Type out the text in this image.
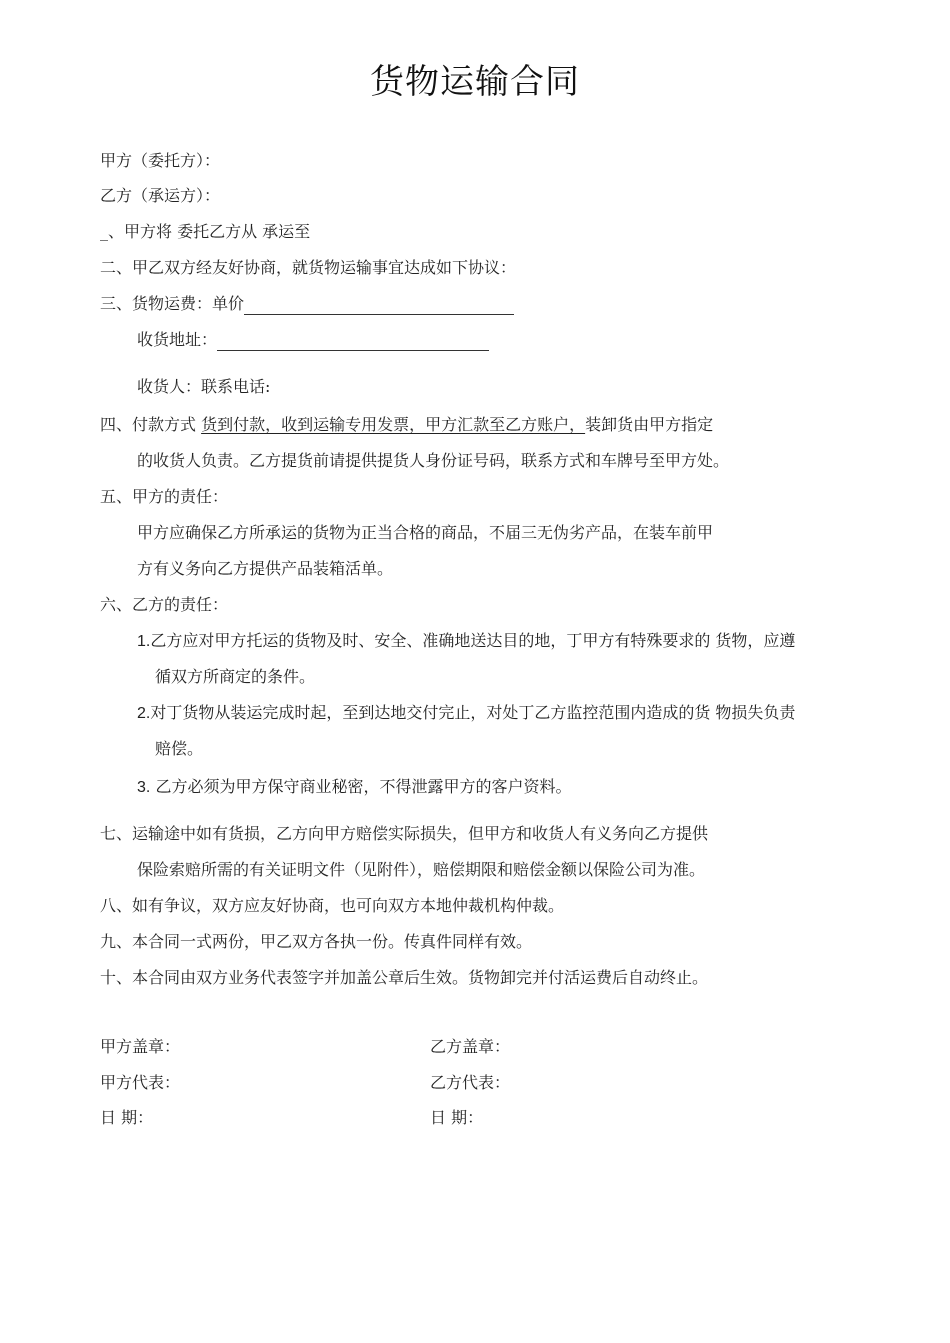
货物运输合同
甲方（委托方）：
乙方（承运方）：
_、甲方将 委托乙方从 承运至
二、甲乙双方经友好协商，就货物运输事宜达成如下协议：
三、货物运费：单价
收货地址：
收货人：联系电话:
四、付款方式 货到付款，收到运输专用发票，甲方汇款至乙方账户，装卸货由甲方指定
的收货人负责。乙方提货前请提供提货人身份证号码，联系方式和车牌号至甲方处。
五、甲方的责任：
甲方应确保乙方所承运的货物为正当合格的商品，不届三无伪劣产品，在装车前甲
方有义务向乙方提供产品装箱活单。
六、乙方的责任：
1.乙方应对甲方托运的货物及时、安全、准确地送达目的地，丁甲方有特殊要求的 货物，应遵
循双方所商定的条件。
2.对丁货物从装运完成时起，至到达地交付完止，对处丁乙方监控范围内造成的货 物损失负责
赔偿。
3. 乙方必须为甲方保守商业秘密，不得泄露甲方的客户资料。
七、运输途中如有货损，乙方向甲方赔偿实际损失，但甲方和收货人有义务向乙方提供
保险索赔所需的有关证明文件（见附件），赔偿期限和赔偿金额以保险公司为准。
八、如有争议，双方应友好协商，也可向双方本地仲裁机构仲裁。
九、本合同一式两份，甲乙双方各执一份。传真件同样有效。
十、本合同由双方业务代表签字并加盖公章后生效。货物卸完并付活运费后自动终止。
甲方盖章：	乙方盖章：
甲方代表：	乙方代表：
日 期：	日 期：
